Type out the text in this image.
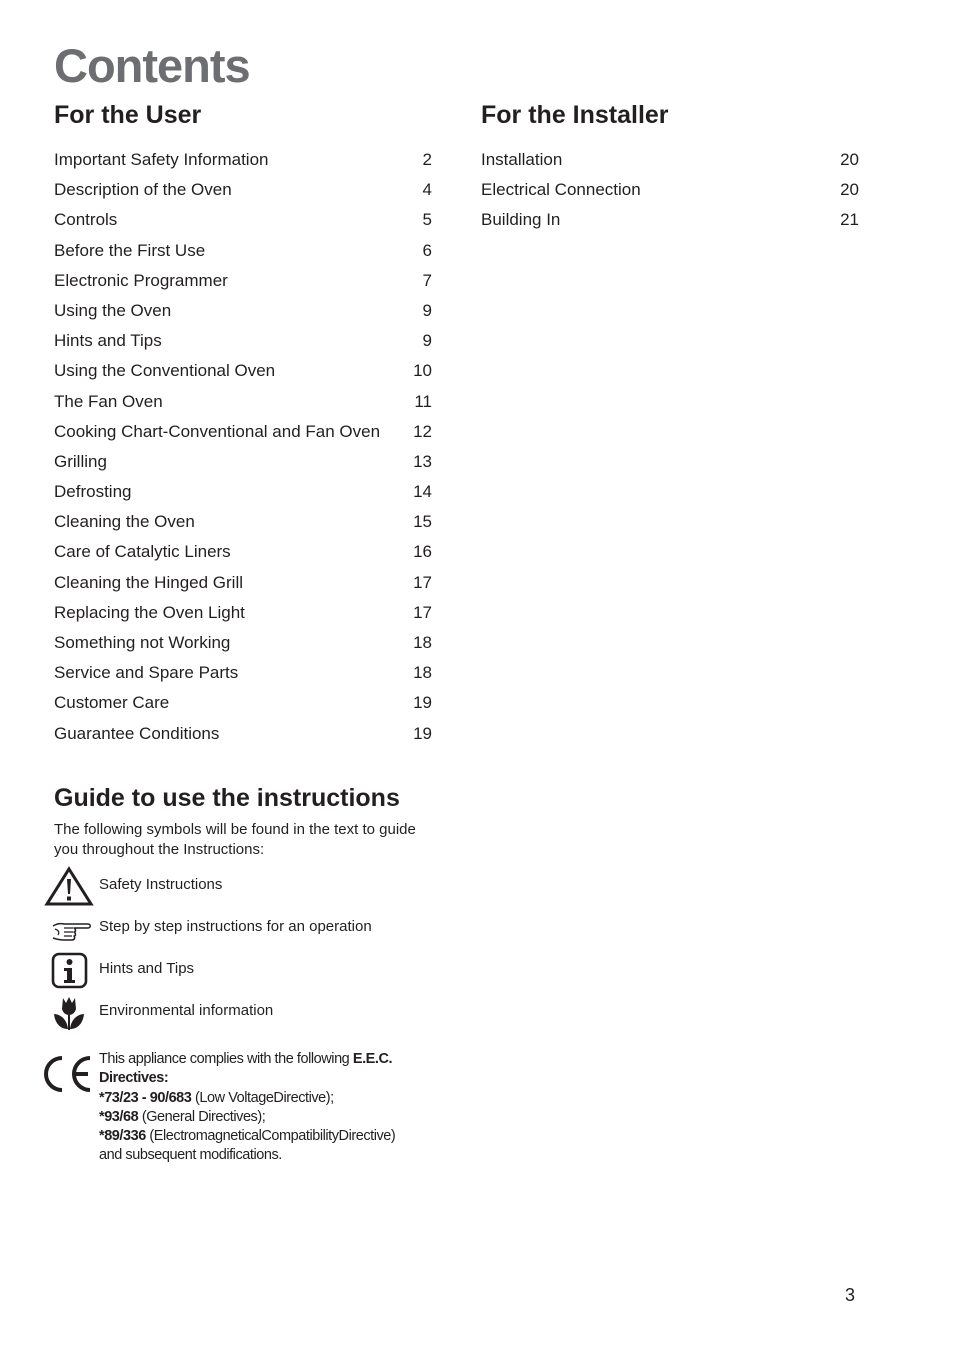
Contents
For the User
Important Safety Information	2
Description of the Oven	4
Controls	5
Before the First Use	6
Electronic Programmer	7
Using the Oven	9
Hints and Tips	9
Using the Conventional Oven	10
The Fan Oven	11
Cooking Chart-Conventional and Fan Oven 12
Grilling	13
Defrosting	14
Cleaning the Oven	15
Care of Catalytic Liners	16
Cleaning the Hinged Grill	17
Replacing the Oven Light	17
Something not Working	18
Service and Spare Parts	18
Customer Care	19
Guarantee Conditions	19
For the Installer
Installation	20
Electrical Connection	20
Building In	21
Guide to use the instructions

The following symbols will be found in the text to guide you throughout the Instructions:

Safety Instructions
Step by step instructions for an operation
Hints and Tips
Environmental information
This appliance complies with the following E.E.C. Directives:
*73/23 - 90/683 (Low VoltageDirective);
*93/68 (General Directives);
*89/336 (ElectromagneticalCompatibilityDirective)
and subsequent modifications.
3
